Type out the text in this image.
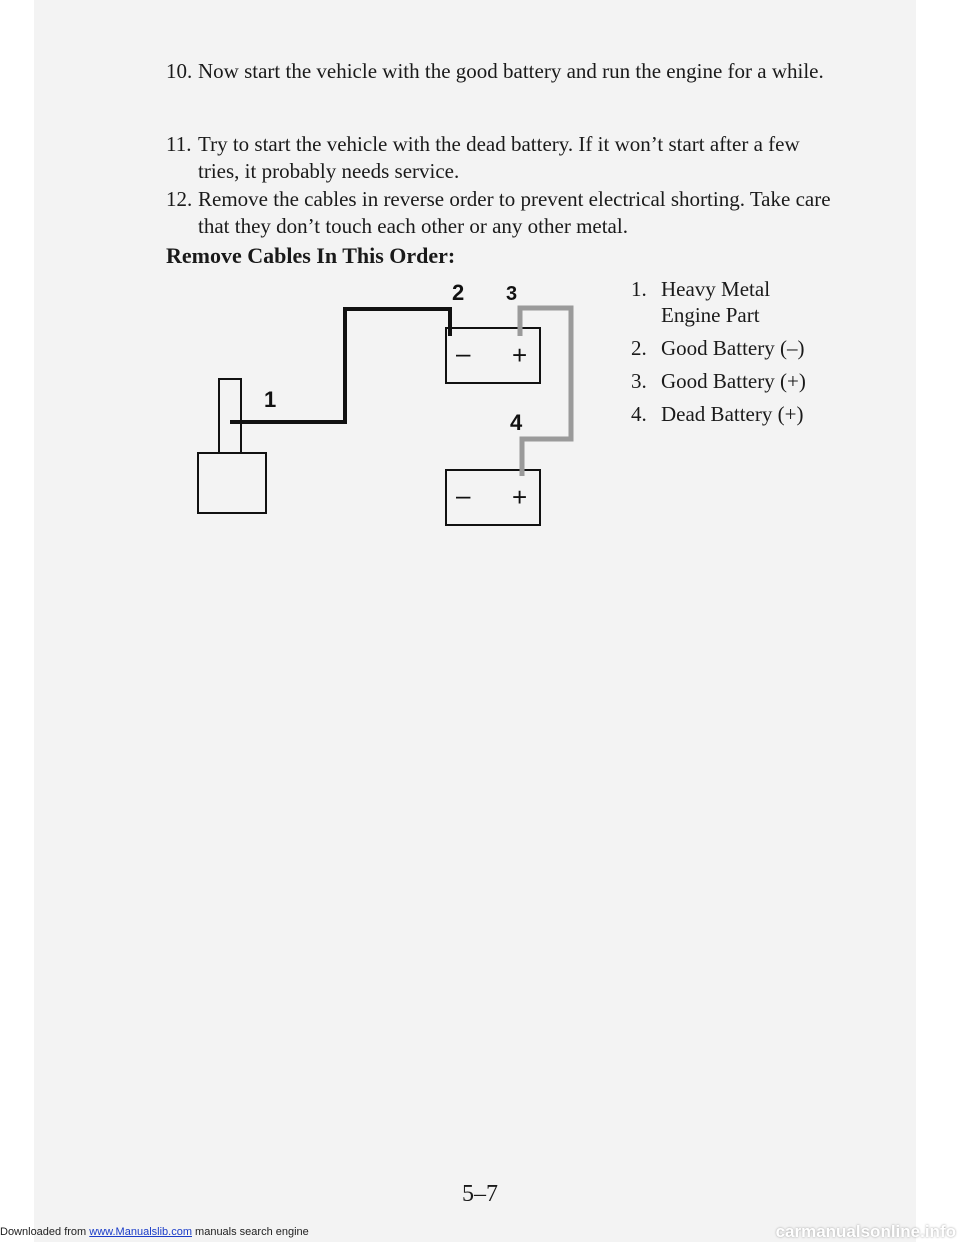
10. Now start the vehicle with the good battery and run the engine for a while.
11. Try to start the vehicle with the dead battery. If it won’t start after a few tries, it probably needs service.
12. Remove the cables in reverse order to prevent electrical shorting. Take care that they don’t touch each other or any other metal.
Remove Cables In This Order:
1
2 3
4
– +
– +
1. Heavy Metal Engine Part
2. Good Battery (–)
3. Good Battery (+)
4. Dead Battery (+)
5–7
Downloaded from www.Manualslib.com manuals search engine	carmanualsonline.info
